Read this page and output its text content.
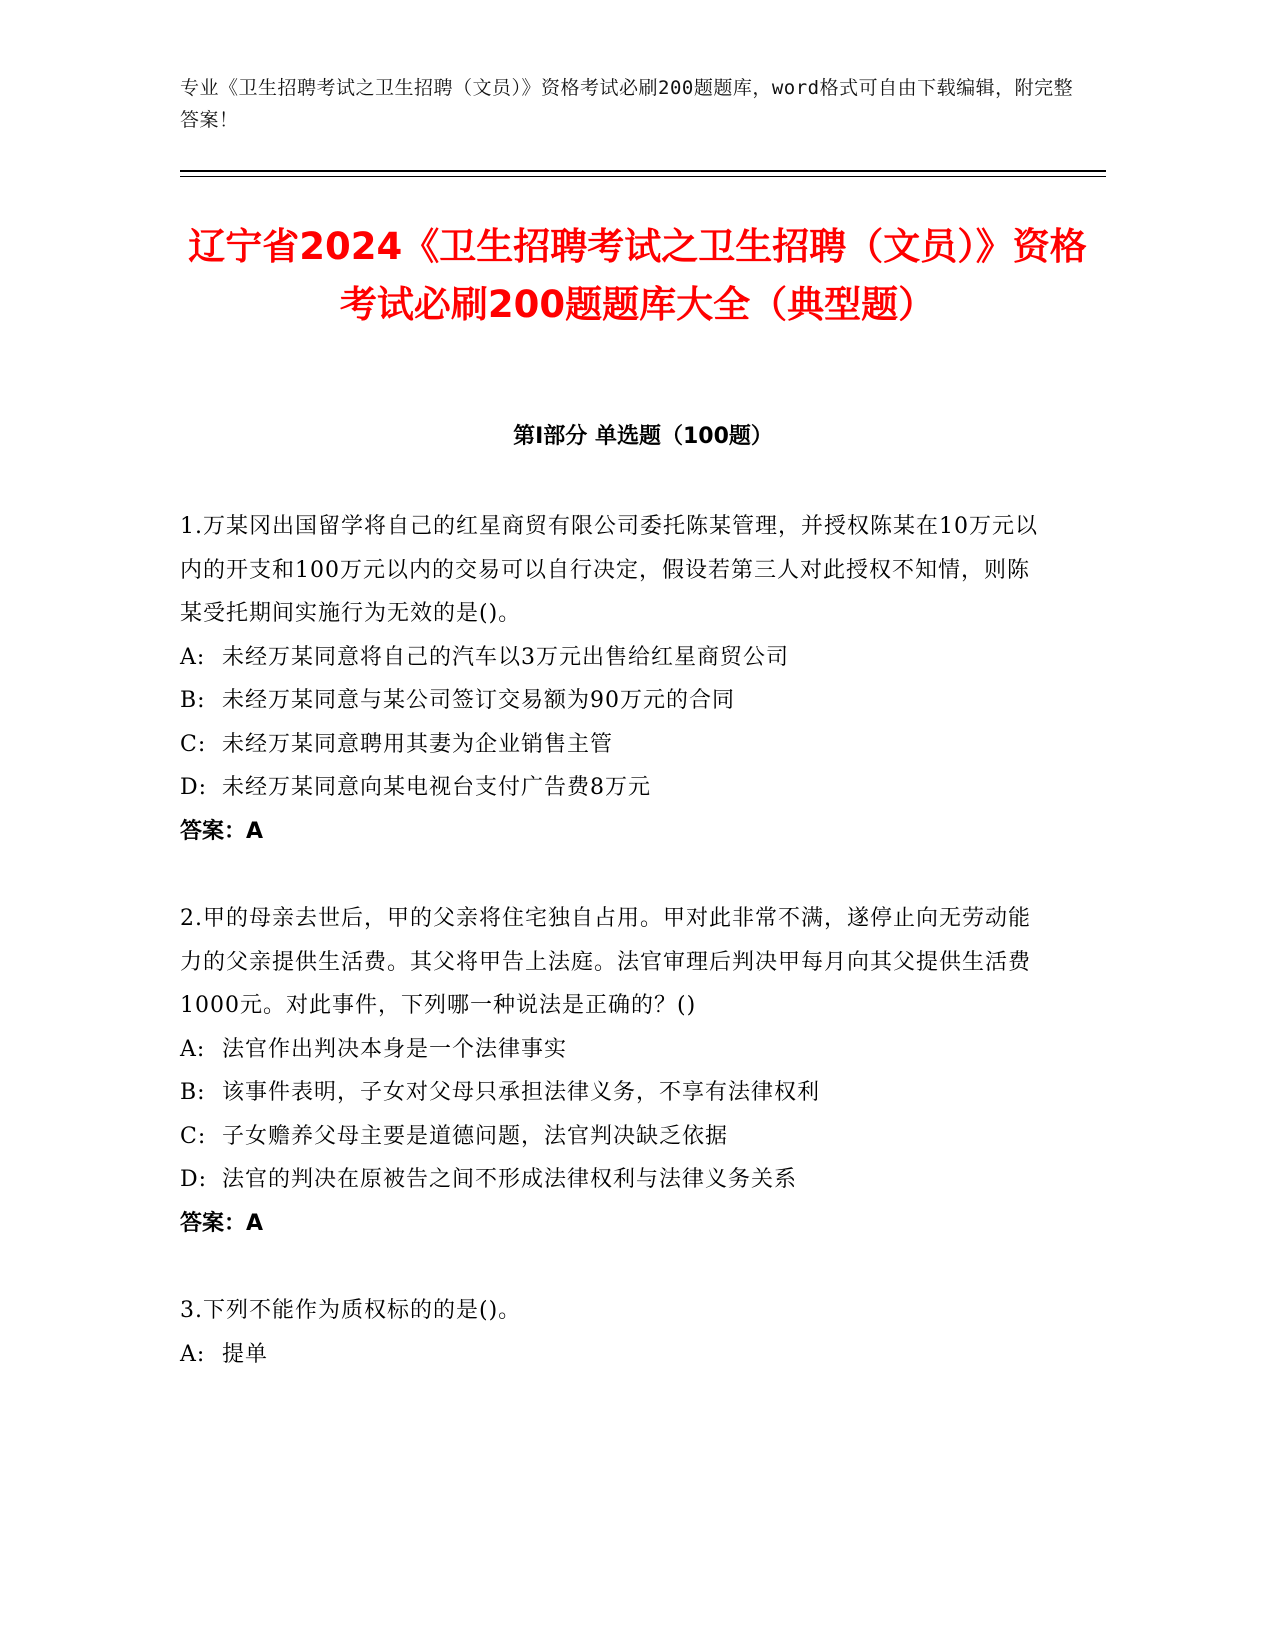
专业《卫生招聘考试之卫生招聘（文员）》资格考试必刷200题题库，word格式可自由下载编辑，附完整答案！
辽宁省2024《卫生招聘考试之卫生招聘（文员）》资格考试必刷200题题库大全（典型题）
第I部分 单选题（100题）

1.万某冈出国留学将自己的红星商贸有限公司委托陈某管理，并授权陈某在10万元以内的开支和100万元以内的交易可以自行决定，假设若第三人对此授权不知情，则陈某受托期间实施行为无效的是()。

A: 未经万某同意将自己的汽车以3万元出售给红星商贸公司

B: 未经万某同意与某公司签订交易额为90万元的合同

C: 未经万某同意聘用其妻为企业销售主管

D: 未经万某同意向某电视台支付广告费8万元

答案：A

2.甲的母亲去世后，甲的父亲将住宅独自占用。甲对此非常不满，遂停止向无劳动能力的父亲提供生活费。其父将甲告上法庭。法官审理后判决甲每月向其父提供生活费1000元。对此事件，下列哪一种说法是正确的？()

A: 法官作出判决本身是一个法律事实

B: 该事件表明，子女对父母只承担法律义务，不享有法律权利

C: 子女赡养父母主要是道德问题，法官判决缺乏依据

D: 法官的判决在原被告之间不形成法律权利与法律义务关系

答案：A

3.下列不能作为质权标的的是()。

A: 提单
